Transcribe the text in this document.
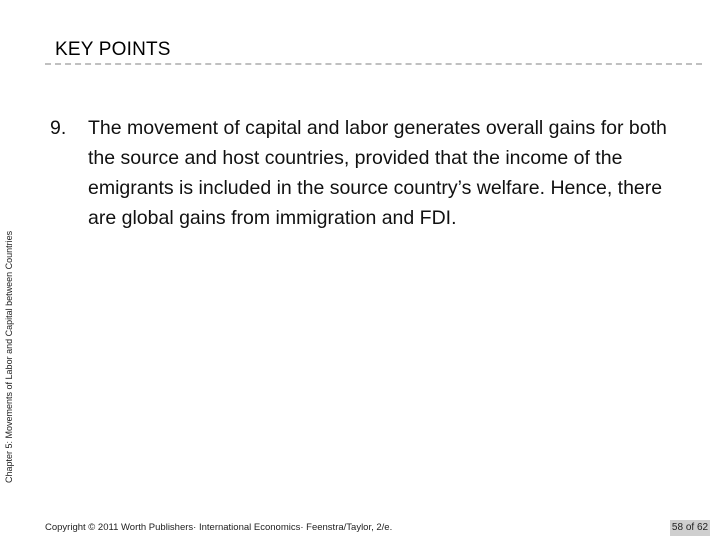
Chapter 5: Movements of Labor and Capital between Countries
KEY POINTS
9.	The movement of capital and labor generates overall gains for both the source and host countries, provided that the income of the emigrants is included in the source country’s welfare. Hence, there are global gains from immigration and FDI.
Copyright © 2011 Worth Publishers· International Economics· Feenstra/Taylor, 2/e.	58 of 62
